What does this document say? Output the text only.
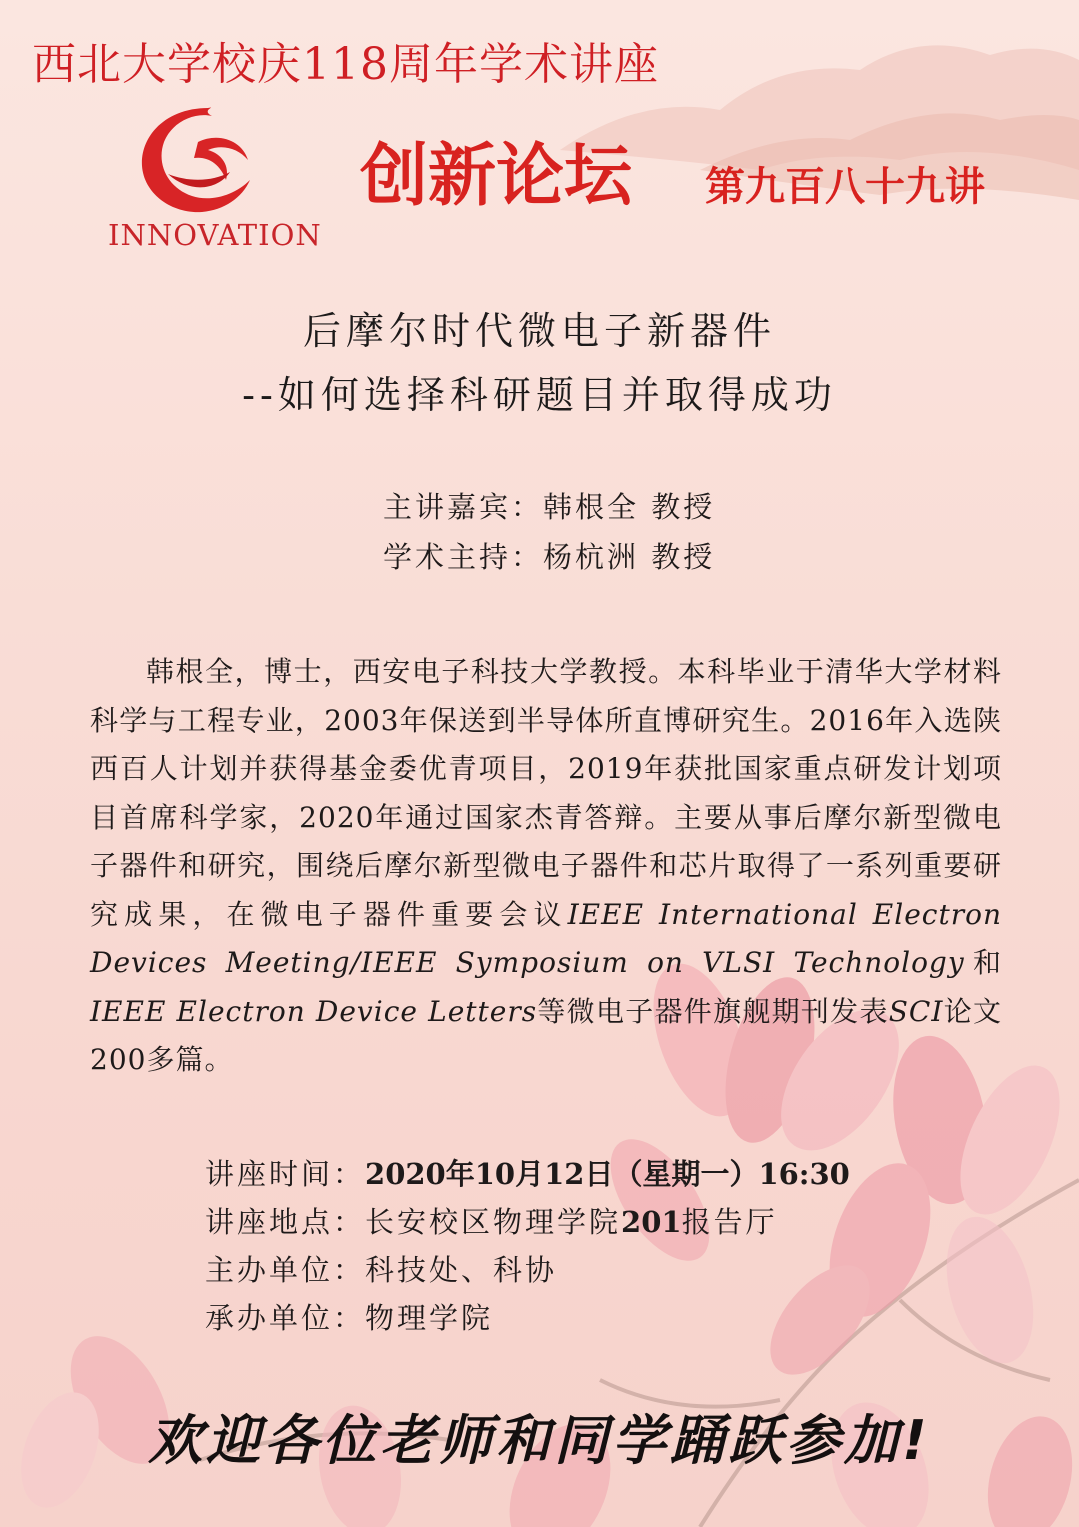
西北大学校庆118周年学术讲座
INNOVATION
创新论坛 第九百八十九讲
后摩尔时代微电子新器件
--如何选择科研题目并取得成功
主讲嘉宾：韩根全 教授
学术主持：杨杭洲 教授
韩根全，博士，西安电子科技大学教授。本科毕业于清华大学材料科学与工程专业，2003年保送到半导体所直博研究生。2016年入选陕西百人计划并获得基金委优青项目，2019年获批国家重点研发计划项目首席科学家，2020年通过国家杰青答辩。主要从事后摩尔新型微电子器件和研究，围绕后摩尔新型微电子器件和芯片取得了一系列重要研究成果，在微电子器件重要会议IEEE International Electron Devices Meeting/IEEE Symposium on VLSI Technology和IEEE Electron Device Letters等微电子器件旗舰期刊发表SCI论文200多篇。
讲座时间：2020年10月12日（星期一）16:30
讲座地点：长安校区物理学院201报告厅
主办单位：科技处、科协
承办单位：物理学院
欢迎各位老师和同学踊跃参加!
